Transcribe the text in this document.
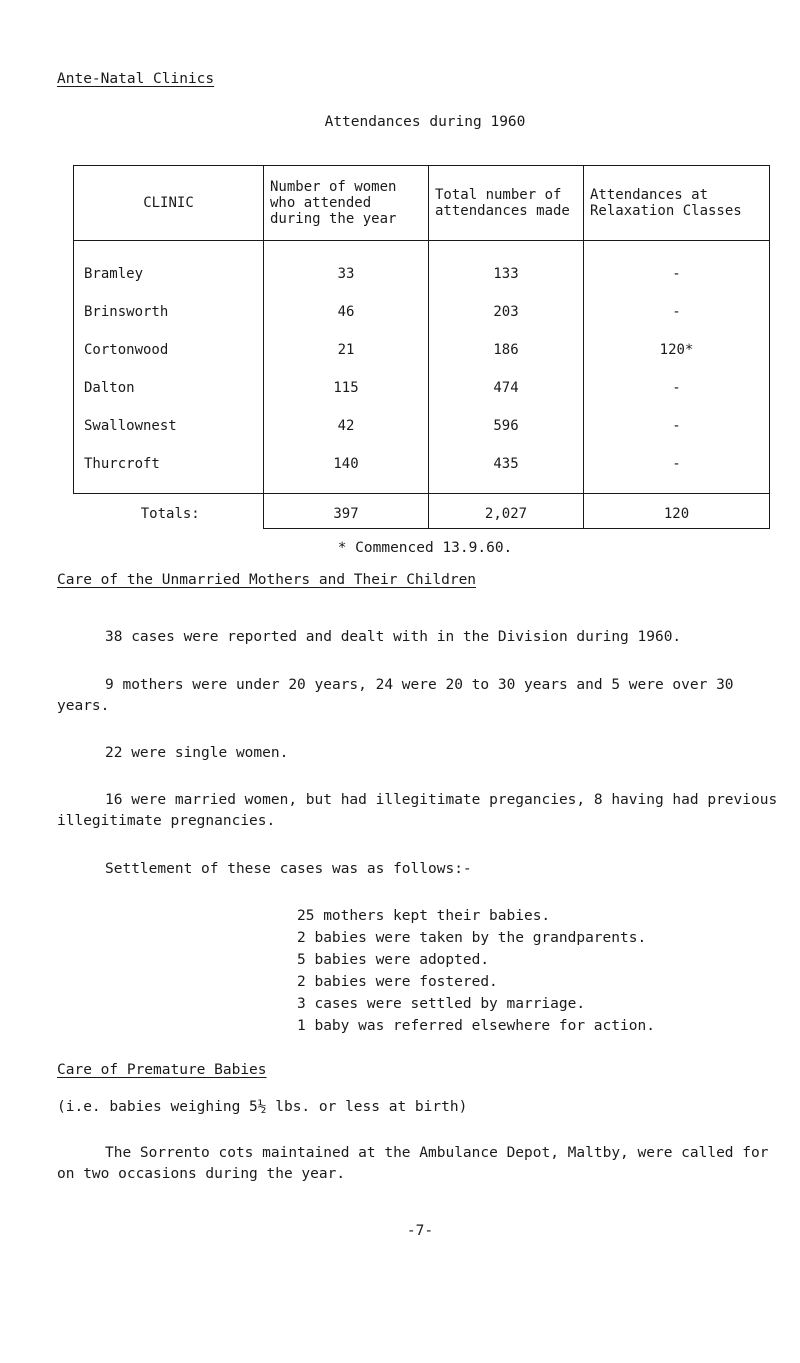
Ante-Natal Clinics
Attendances during 1960
CLINIC	Number of women who attended during the year	Total number of attendances made	Attendances at Relaxation Classes
Bramley	33	133	-
Brinsworth	46	203	-
Cortonwood	21	186	120*
Dalton	115	474	-
Swallownest	42	596	-
Thurcroft	140	435	-
Totals:	397	2,027	120
* Commenced 13.9.60.
Care of the Unmarried Mothers and Their Children
38 cases were reported and dealt with in the Division during 1960.
9 mothers were under 20 years, 24 were 20 to 30 years and 5 were over 30 years.
22 were single women.
16 were married women, but had illegitimate pregancies, 8 having had previous illegitimate pregnancies.
Settlement of these cases was as follows:-
25 mothers kept their babies.
2 babies were taken by the grandparents.
5 babies were adopted.
2 babies were fostered.
3 cases were settled by marriage.
1 baby was referred elsewhere for action.
Care of Premature Babies
(i.e. babies weighing 5½ lbs. or less at birth)
The Sorrento cots maintained at the Ambulance Depot, Maltby, were called for on two occasions during the year.
-7-
